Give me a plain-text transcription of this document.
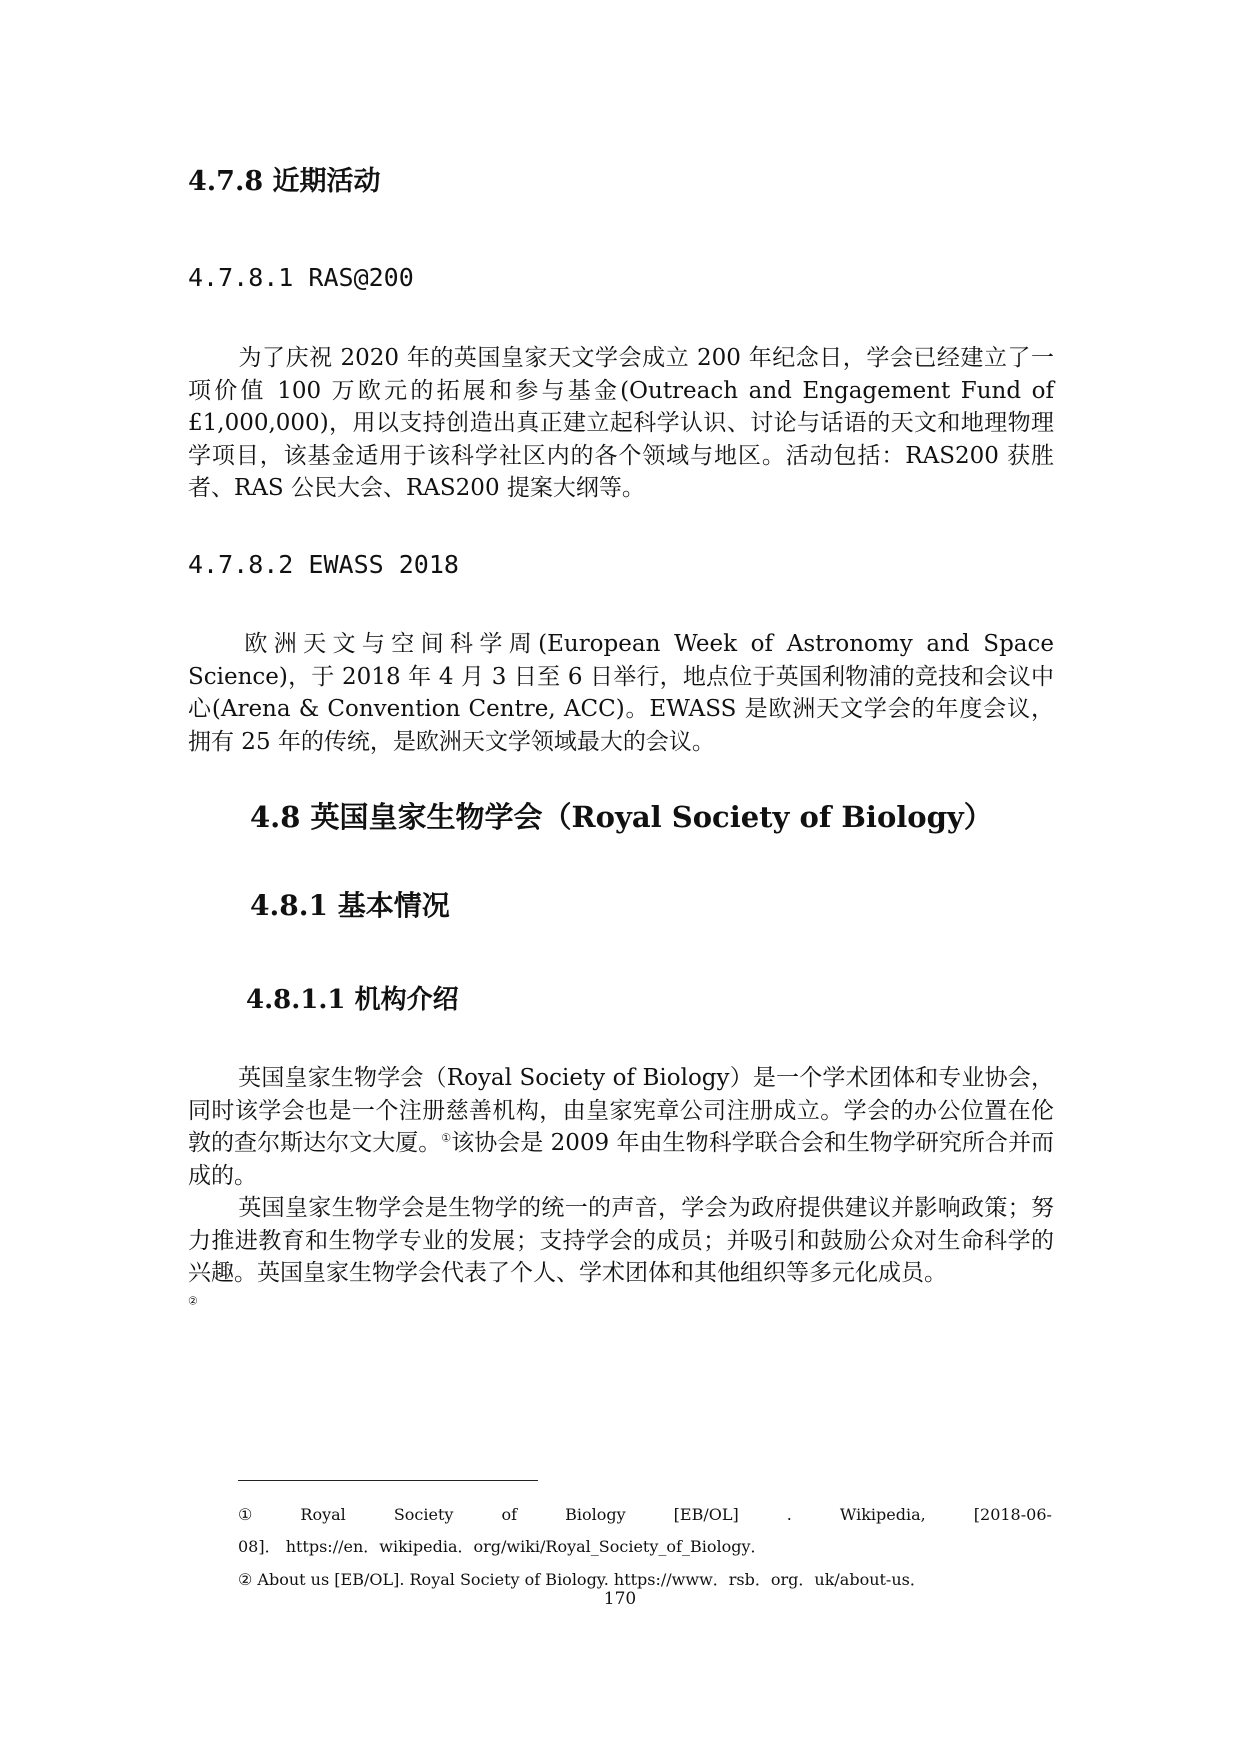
4.7.8 近期活动
4.7.8.1 RAS@200

为了庆祝 2020 年的英国皇家天文学会成立 200 年纪念日，学会已经建立了一项价值 100 万欧元的拓展和参与基金(Outreach and Engagement Fund of £1,000,000)，用以支持创造出真正建立起科学认识、讨论与话语的天文和地理物理学项目，该基金适用于该科学社区内的各个领域与地区。活动包括：RAS200 获胜者、RAS 公民大会、RAS200 提案大纲等。

4.7.8.2 EWASS 2018

欧洲天文与空间科学周(European Week of Astronomy and Space Science)，于 2018 年 4 月 3 日至 6 日举行，地点位于英国利物浦的竞技和会议中心(Arena & Convention Centre, ACC)。EWASS 是欧洲天文学会的年度会议，拥有 25 年的传统，是欧洲天文学领域最大的会议。

4.8 英国皇家生物学会（Royal Society of Biology）
4.8.1 基本情况
4.8.1.1 机构介绍

英国皇家生物学会（Royal Society of Biology）是一个学术团体和专业协会，同时该学会也是一个注册慈善机构，由皇家宪章公司注册成立。学会的办公位置在伦敦的查尔斯达尔文大厦。①该协会是 2009 年由生物科学联合会和生物学研究所合并而成的。

英国皇家生物学会是生物学的统一的声音，学会为政府提供建议并影响政策；努力推进教育和生物学专业的发展；支持学会的成员；并吸引和鼓励公众对生命科学的兴趣。英国皇家生物学会代表了个人、学术团体和其他组织等多元化成员。
②

①	Royal	Society	of	Biology	[EB/OL]	.	Wikipedia,	[2018-06-
08]． https://en．wikipedia．org/wiki/Royal_Society_of_Biology．
② About us [EB/OL]. Royal Society of Biology. https://www．rsb．org．uk/about-us．
170
